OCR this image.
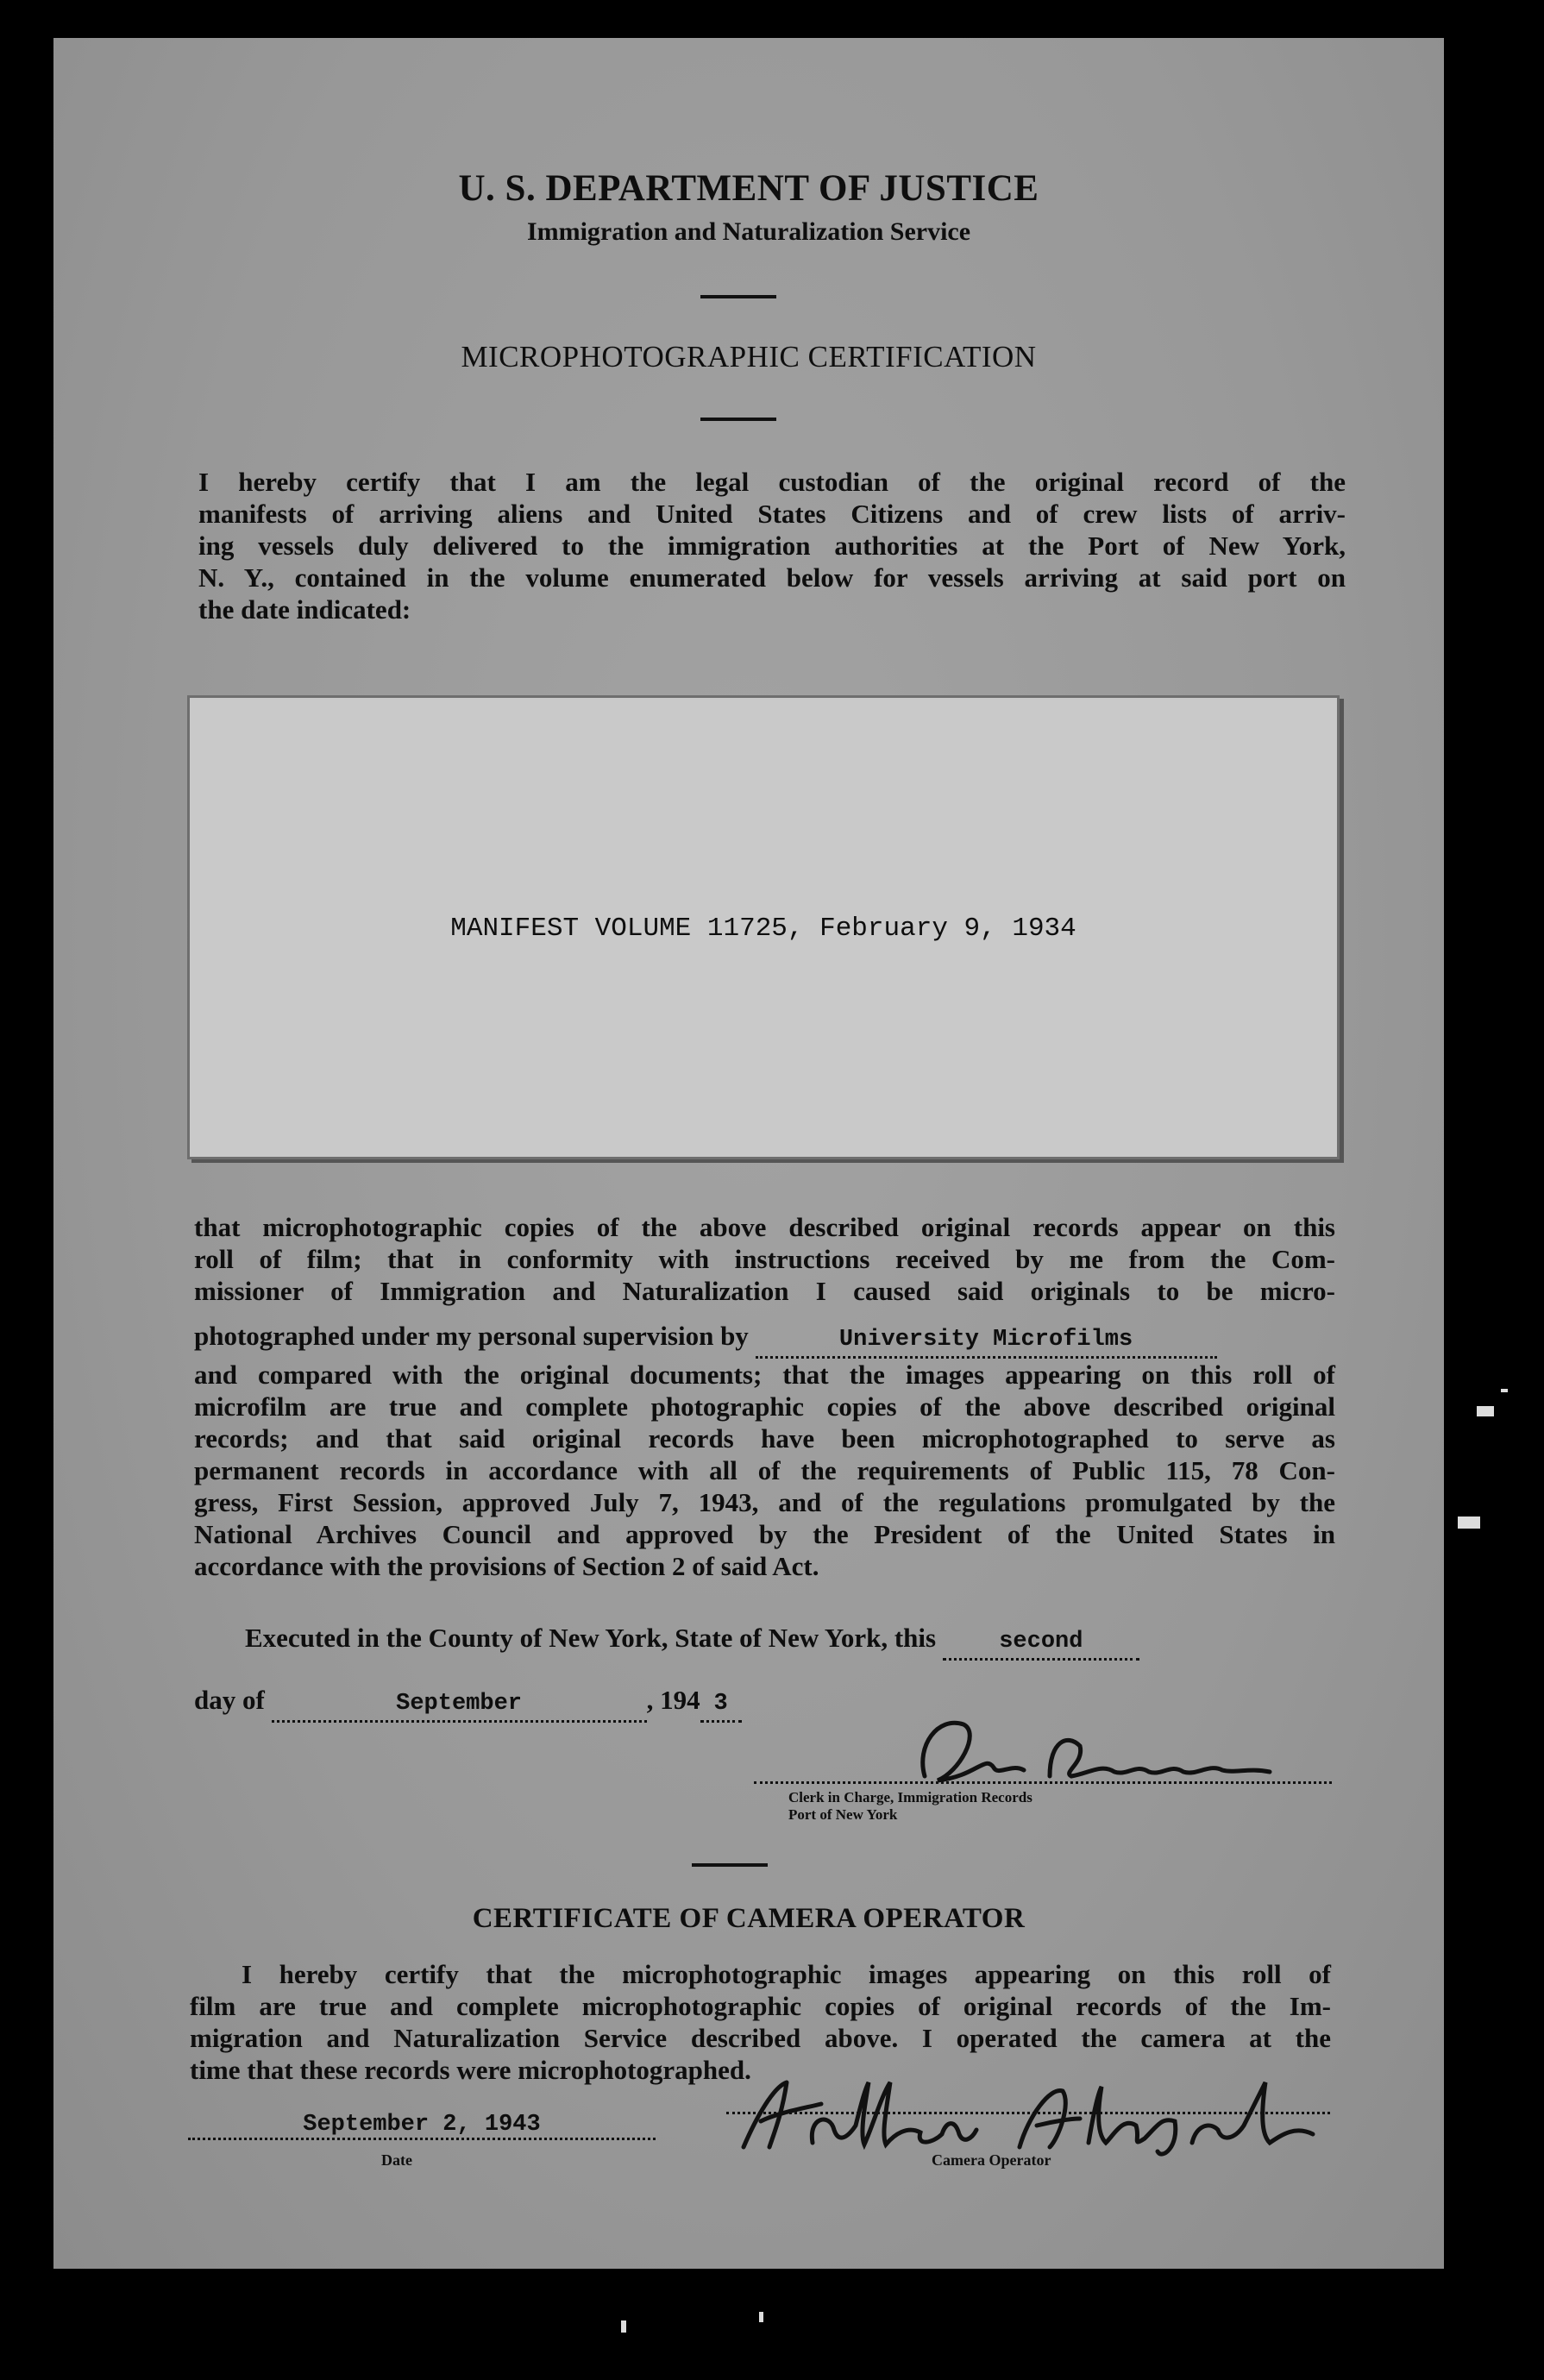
U. S. DEPARTMENT OF JUSTICE
Immigration and Naturalization Service
MICROPHOTOGRAPHIC CERTIFICATION
I hereby certify that I am the legal custodian of the original record of the
manifests of arriving aliens and United States Citizens and of crew lists of arriv-
ing vessels duly delivered to the immigration authorities at the Port of New York,
N. Y., contained in the volume enumerated below for vessels arriving at said port on
the date indicated:
MANIFEST VOLUME 11725, February 9, 1934
that microphotographic copies of the above described original records appear on this
roll of film; that in conformity with instructions received by me from the Com-
missioner of Immigration and Naturalization I caused said originals to be micro-
photographed under my personal supervision by	University Microfilms
and compared with the original documents; that the images appearing on this roll of
microfilm are true and complete photographic copies of the above described original
records; and that said original records have been microphotographed to serve as
permanent records in accordance with all of the requirements of Public 115, 78 Con-
gress, First Session, approved July 7, 1943, and of the regulations promulgated by the
National Archives Council and approved by the President of the United States in
accordance with the provisions of Section 2 of said Act.
Executed in the County of New York, State of New York, this	second
day of	September	, 194 3
Clerk in Charge, Immigration Records
Port of New York
CERTIFICATE OF CAMERA OPERATOR
I hereby certify that the microphotographic images appearing on this roll of
film are true and complete microphotographic copies of original records of the Im-
migration and Naturalization Service described above. I operated the camera at the
time that these records were microphotographed.
September 2, 1943
Date	Camera Operator
